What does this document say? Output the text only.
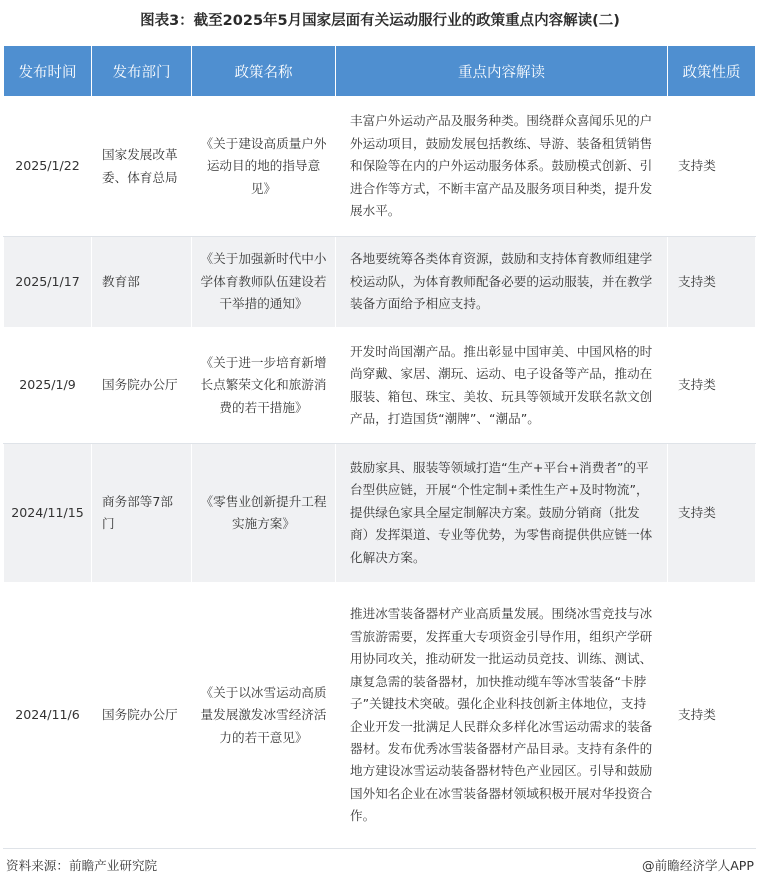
图表3：截至2025年5月国家层面有关运动服行业的政策重点内容解读(二)
发布时间	发布部门	政策名称	重点内容解读	政策性质
2025/1/22	国家发展改革委、体育总局	《关于建设高质量户外运动目的地的指导意见》	丰富户外运动产品及服务种类。围绕群众喜闻乐见的户外运动项目，鼓励发展包括教练、导游、装备租赁销售和保险等在内的户外运动服务体系。鼓励模式创新、引进合作等方式，不断丰富产品及服务项目种类，提升发展水平。	支持类
2025/1/17	教育部	《关于加强新时代中小学体育教师队伍建设若干举措的通知》	各地要统筹各类体育资源，鼓励和支持体育教师组建学校运动队，为体育教师配备必要的运动服装，并在教学装备方面给予相应支持。	支持类
2025/1/9	国务院办公厅	《关于进一步培育新增长点繁荣文化和旅游消费的若干措施》	开发时尚国潮产品。推出彰显中国审美、中国风格的时尚穿戴、家居、潮玩、运动、电子设备等产品，推动在服装、箱包、珠宝、美妆、玩具等领域开发联名款文创产品，打造国货“潮牌”、“潮品”。	支持类
2024/11/15	商务部等7部门	《零售业创新提升工程实施方案》	鼓励家具、服装等领域打造“生产+平台+消费者”的平台型供应链，开展“个性定制+柔性生产+及时物流”，提供绿色家具全屋定制解决方案。鼓励分销商（批发商）发挥渠道、专业等优势，为零售商提供供应链一体化解决方案。	支持类
2024/11/6	国务院办公厅	《关于以冰雪运动高质量发展激发冰雪经济活力的若干意见》	推进冰雪装备器材产业高质量发展。围绕冰雪竞技与冰雪旅游需要，发挥重大专项资金引导作用，组织产学研用协同攻关，推动研发一批运动员竞技、训练、测试、康复急需的装备器材，加快推动缆车等冰雪装备“卡脖子”关键技术突破。强化企业科技创新主体地位，支持企业开发一批满足人民群众多样化冰雪运动需求的装备器材。发布优秀冰雪装备器材产品目录。支持有条件的地方建设冰雪运动装备器材特色产业园区。引导和鼓励国外知名企业在冰雪装备器材领域积极开展对华投资合作。	支持类
资料来源：前瞻产业研究院	@前瞻经济学人APP
